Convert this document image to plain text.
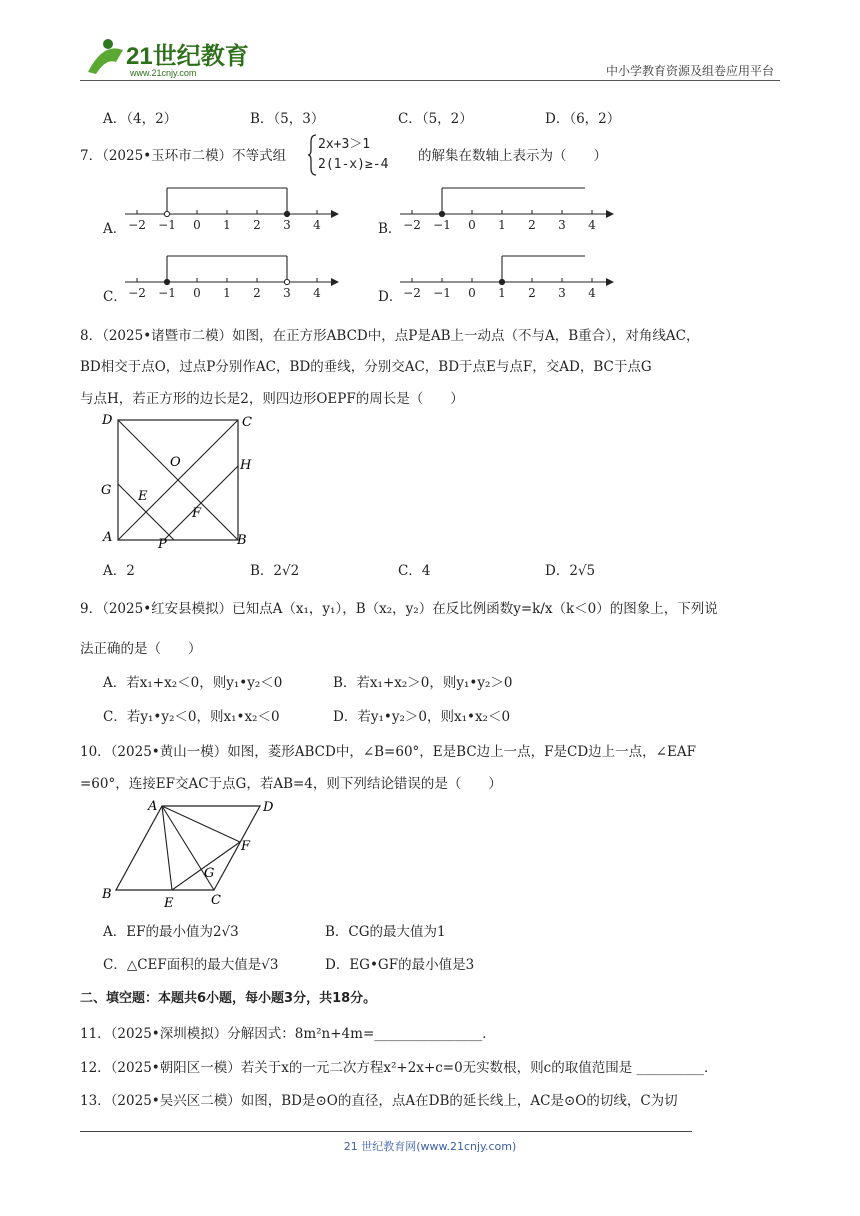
21世纪教育
www.21cnjy.com	中小学教育资源及组卷应用平台
A．（4，2）	B．（5，3）	C．（5，2）	D．（6，2）
7．（2025•玉环市二模）不等式组
2x+3＞1
2(1-x)≥-4
的解集在数轴上表示为（　　）
A． −2 −1 0 1 2 3 4	B． −2 −1 0 1 2 3 4
C． −2 −1 0 1 2 3 4	D． −2 −1 0 1 2 3 4
8．（2025•诸暨市二模）如图，在正方形ABCD中，点P是AB上一动点（不与A，B重合），对角线AC，
BD相交于点O，过点P分别作AC，BD的垂线，分别交AC，BD于点E与点F，交AD，BC于点G
与点H，若正方形的边长是2，则四边形OEPF的周长是（　　）
D	C
O	H
G E
F
A	P	B
A．2	B．2√2	C．4	D．2√5
9．（2025•红安县模拟）已知点A（x₁，y₁），B（x₂，y₂）在反比例函数y=k/x（k＜0）的图象上，下列说
法正确的是（　　）
A．若x₁+x₂＜0，则y₁•y₂＜0	B．若x₁+x₂＞0，则y₁•y₂＞0
C．若y₁•y₂＜0，则x₁•x₂＜0	D．若y₁•y₂＞0，则x₁•x₂＜0
10．（2025•黄山一模）如图，菱形ABCD中，∠B=60°，E是BC边上一点，F是CD边上一点，∠EAF
=60°，连接EF交AC于点G，若AB=4，则下列结论错误的是（　　）
A	D
F
G
B
E	C
A．EF的最小值为2√3	B．CG的最大值为1
C．△CEF面积的最大值是√3	D．EG•GF的最小值是3
二、填空题：本题共6小题，每小题3分，共18分。
11．（2025•深圳模拟）分解因式：8m²n+4m=________________．
12．（2025•朝阳区一模）若关于x的一元二次方程x²+2x+c=0无实数根，则c的取值范围是 __________．
13．（2025•吴兴区二模）如图，BD是⊙O的直径，点A在DB的延长线上，AC是⊙O的切线，C为切
21 世纪教育网(www.21cnjy.com)
